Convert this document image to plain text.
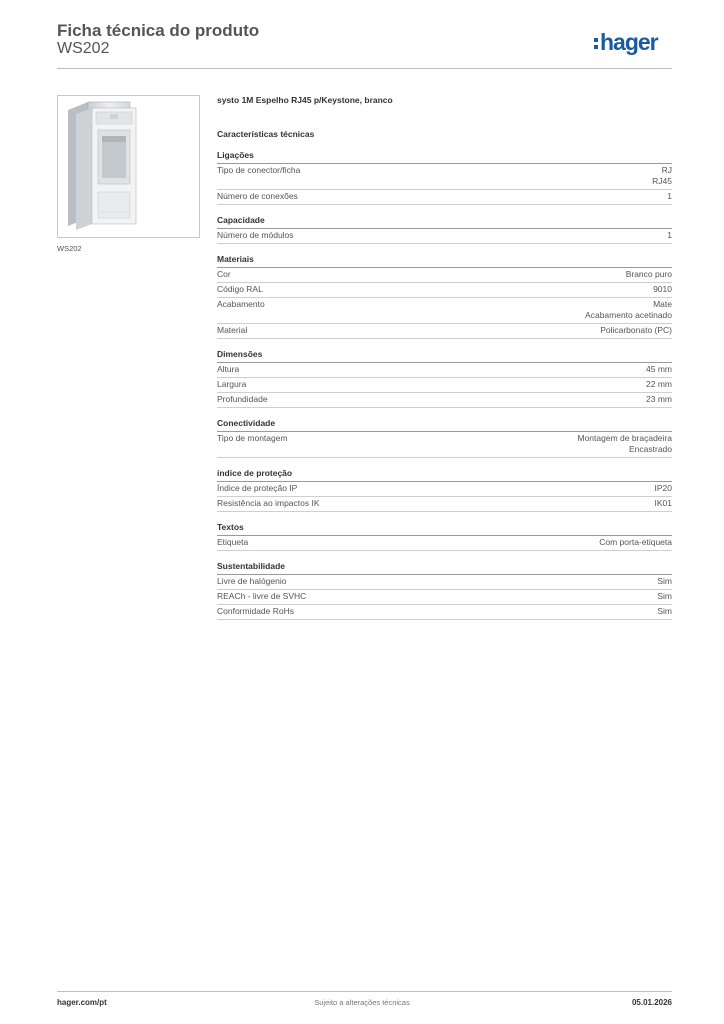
Ficha técnica do produto
WS202	hager
WS202
systo 1M Espelho RJ45 p/Keystone, branco
Características técnicas
Ligações
Tipo de conector/ficha	RJ
RJ45
Número de conexões	1
Capacidade
Número de módulos	1
Materiais
Cor	Branco puro
Código RAL	9010
Acabamento	Mate
Acabamento acetinado
Material	Policarbonato (PC)
Dimensões
Altura	45 mm
Largura	22 mm
Profundidade	23 mm
Conectividade
Tipo de montagem	Montagem de braçadeira
Encastrado
índice de proteção
Índice de proteção IP	IP20
Resistência ao impactos IK	IK01
Textos
Etiqueta	Com porta-etiqueta
Sustentabilidade
Livre de halógenio	Sim
REACh - livre de SVHC	Sim
Conformidade RoHs	Sim
hager.com/pt	Sujeito a alterações técnicas	05.01.2026
